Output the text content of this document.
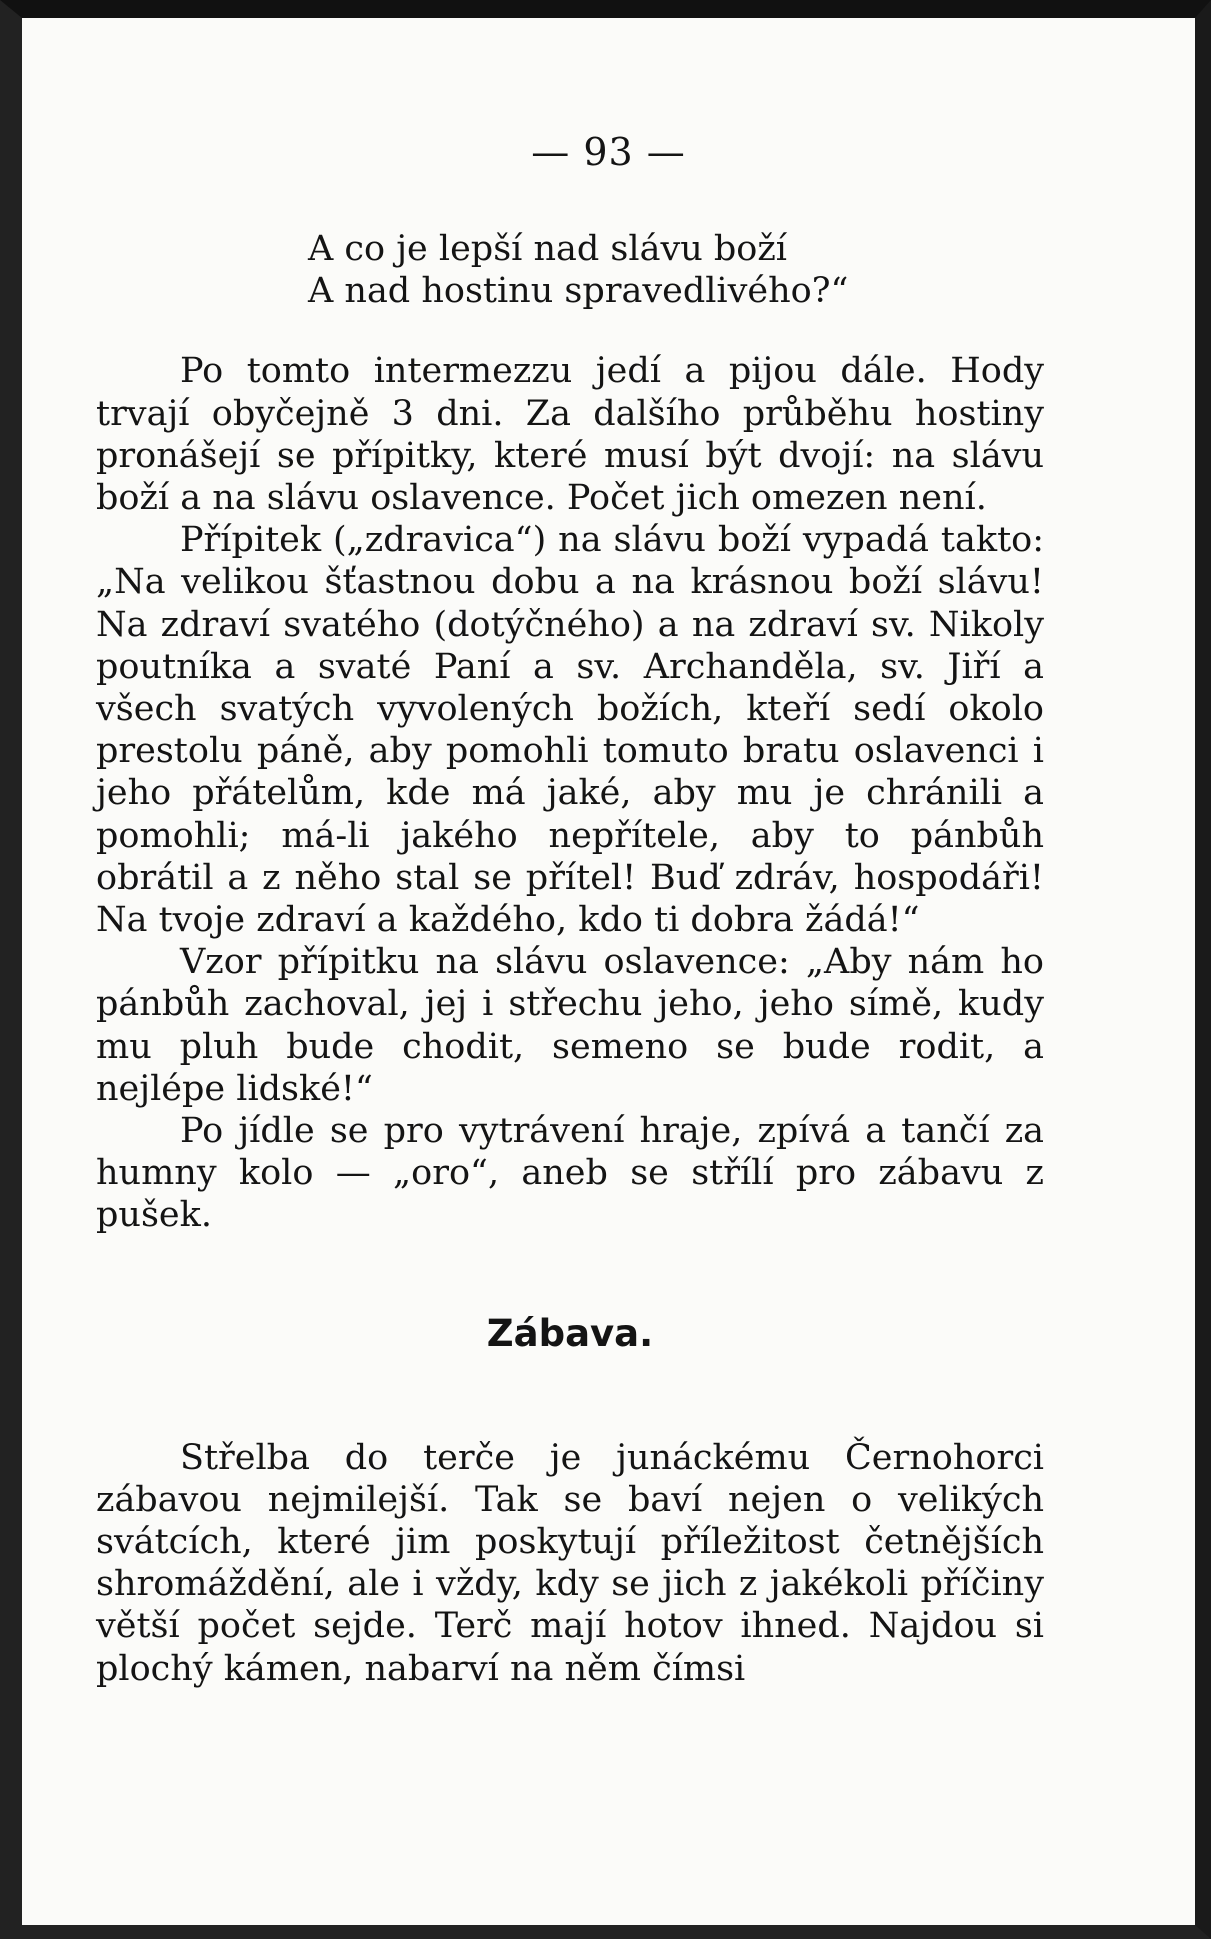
— 93 —
A co je lepší nad slávu boží
A nad hostinu spravedlivého?“

Po tomto intermezzu jedí a pijou dále. Hody trvají obyčejně 3 dni. Za dalšího průběhu hostiny pronášejí se přípitky, které musí být dvojí: na slávu boží a na slávu oslavence. Počet jich omezen není.

Přípitek („zdravica“) na slávu boží vypadá takto: „Na velikou šťastnou dobu a na krásnou boží slávu! Na zdraví svatého (dotýčného) a na zdraví sv. Nikoly poutníka a svaté Paní a sv. Archanděla, sv. Jiří a všech svatých vyvolených božích, kteří sedí okolo prestolu páně, aby pomohli tomuto bratu oslavenci i jeho přátelům, kde má jaké, aby mu je chránili a pomohli; má-li jakého nepřítele, aby to pánbůh obrátil a z něho stal se přítel! Buď zdráv, hospodáři! Na tvoje zdraví a každého, kdo ti dobra žádá!“

Vzor přípitku na slávu oslavence: „Aby nám ho pánbůh zachoval, jej i střechu jeho, jeho símě, kudy mu pluh bude chodit, semeno se bude rodit, a nejlépe lidské!“

Po jídle se pro vytrávení hraje, zpívá a tančí za humny kolo — „oro“, aneb se střílí pro zábavu z pušek.

Zábava.

Střelba do terče je junáckému Černohorci zábavou nejmilejší. Tak se baví nejen o velikých svátcích, které jim poskytují příležitost četnějších shromáždění, ale i vždy, kdy se jich z jakékoli příčiny větší počet sejde. Terč mají hotov ihned. Najdou si plochý kámen, nabarví na něm čímsi
